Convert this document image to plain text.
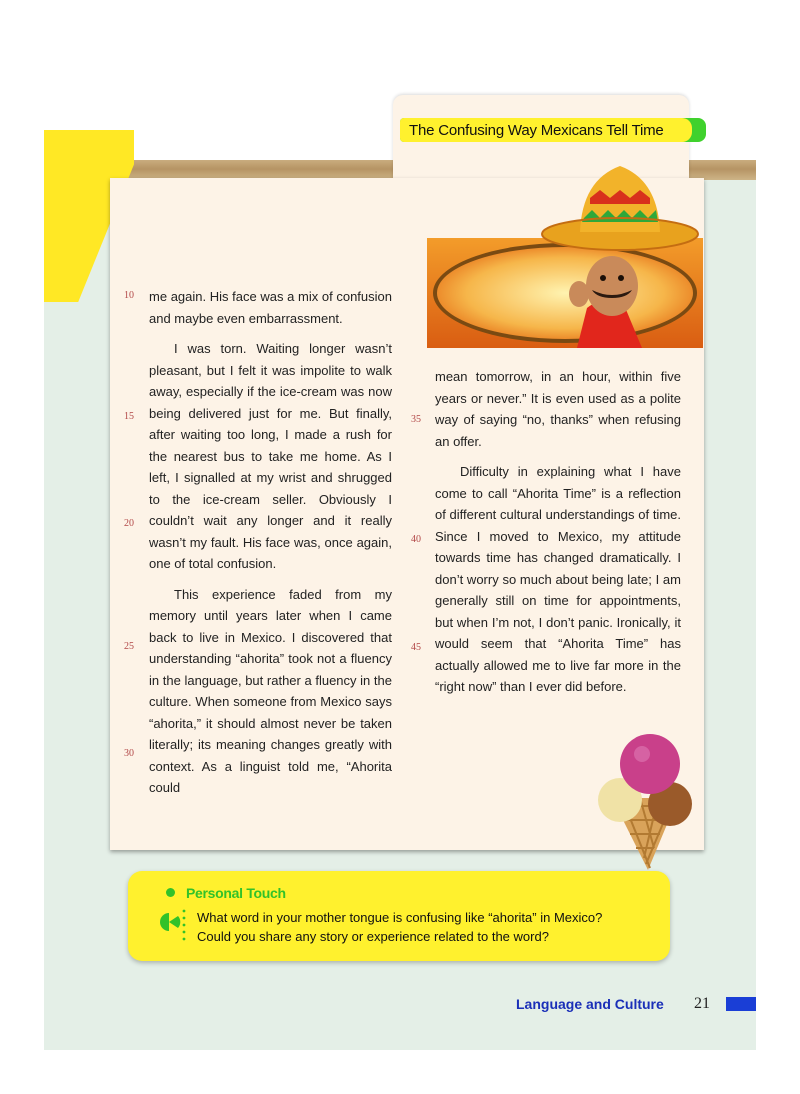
The Confusing Way Mexicans Tell Time
10
15
20
25
30
35
40
45

me again. His face was a mix of confusion and maybe even embarrassment.

I was torn. Waiting longer wasn’t pleasant, but I felt it was impolite to walk away, especially if the ice-cream was now being delivered just for me. But finally, after waiting too long, I made a rush for the nearest bus to take me home. As I left, I signalled at my wrist and shrugged to the ice-cream seller. Obviously I couldn’t wait any longer and it really wasn’t my fault. His face was, once again, one of total confusion.

This experience faded from my memory until years later when I came back to live in Mexico. I discovered that understanding “ahorita” took not a fluency in the language, but rather a fluency in the culture. When someone from Mexico says “ahorita,” it should almost never be taken literally; its meaning changes greatly with context. As a linguist told me, “Ahorita could

mean tomorrow, in an hour, within five years or never.” It is even used as a polite way of saying “no, thanks” when refusing an offer.

Difficulty in explaining what I have come to call “Ahorita Time” is a reflection of different cultural understandings of time. Since I moved to Mexico, my attitude towards time has changed dramatically. I don’t worry so much about being late; I am generally still on time for appointments, but when I’m not, I don’t panic. Ironically, it would seem that “Ahorita Time” has actually allowed me to live far more in the “right now” than I ever did before.

Personal Touch
What word in your mother tongue is confusing like “ahorita” in Mexico?
Could you share any story or experience related to the word?
Language and Culture 21
